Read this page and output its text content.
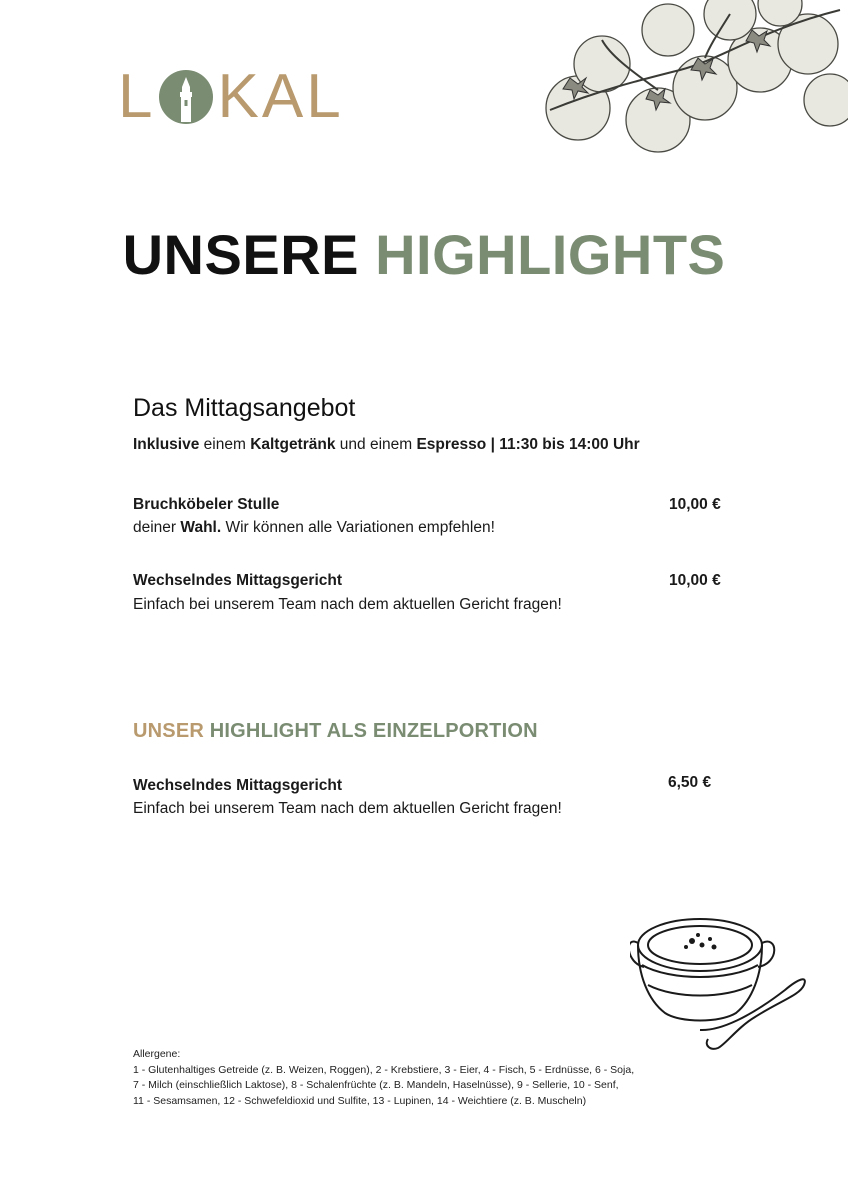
L KAL
UNSERE HIGHLIGHTS
Das Mittagsangebot
Inklusive einem Kaltgetränk und einem Espresso | 11:30 bis 14:00 Uhr
Bruchköbeler Stulle	10,00 €
deiner Wahl. Wir können alle Variationen empfehlen!
Wechselndes Mittagsgericht	10,00 €
Einfach bei unserem Team nach dem aktuellen Gericht fragen!
UNSER HIGHLIGHT ALS EINZELPORTION
Wechselndes Mittagsgericht	6,50 €
Einfach bei unserem Team nach dem aktuellen Gericht fragen!
Allergene:
1 - Glutenhaltiges Getreide (z. B. Weizen, Roggen), 2 - Krebstiere, 3 - Eier, 4 - Fisch, 5 - Erdnüsse, 6 - Soja,
7 - Milch (einschließlich Laktose), 8 - Schalenfrüchte (z. B. Mandeln, Haselnüsse), 9 - Sellerie, 10 - Senf,
11 - Sesamsamen, 12 - Schwefeldioxid und Sulfite, 13 - Lupinen, 14 - Weichtiere (z. B. Muscheln)
